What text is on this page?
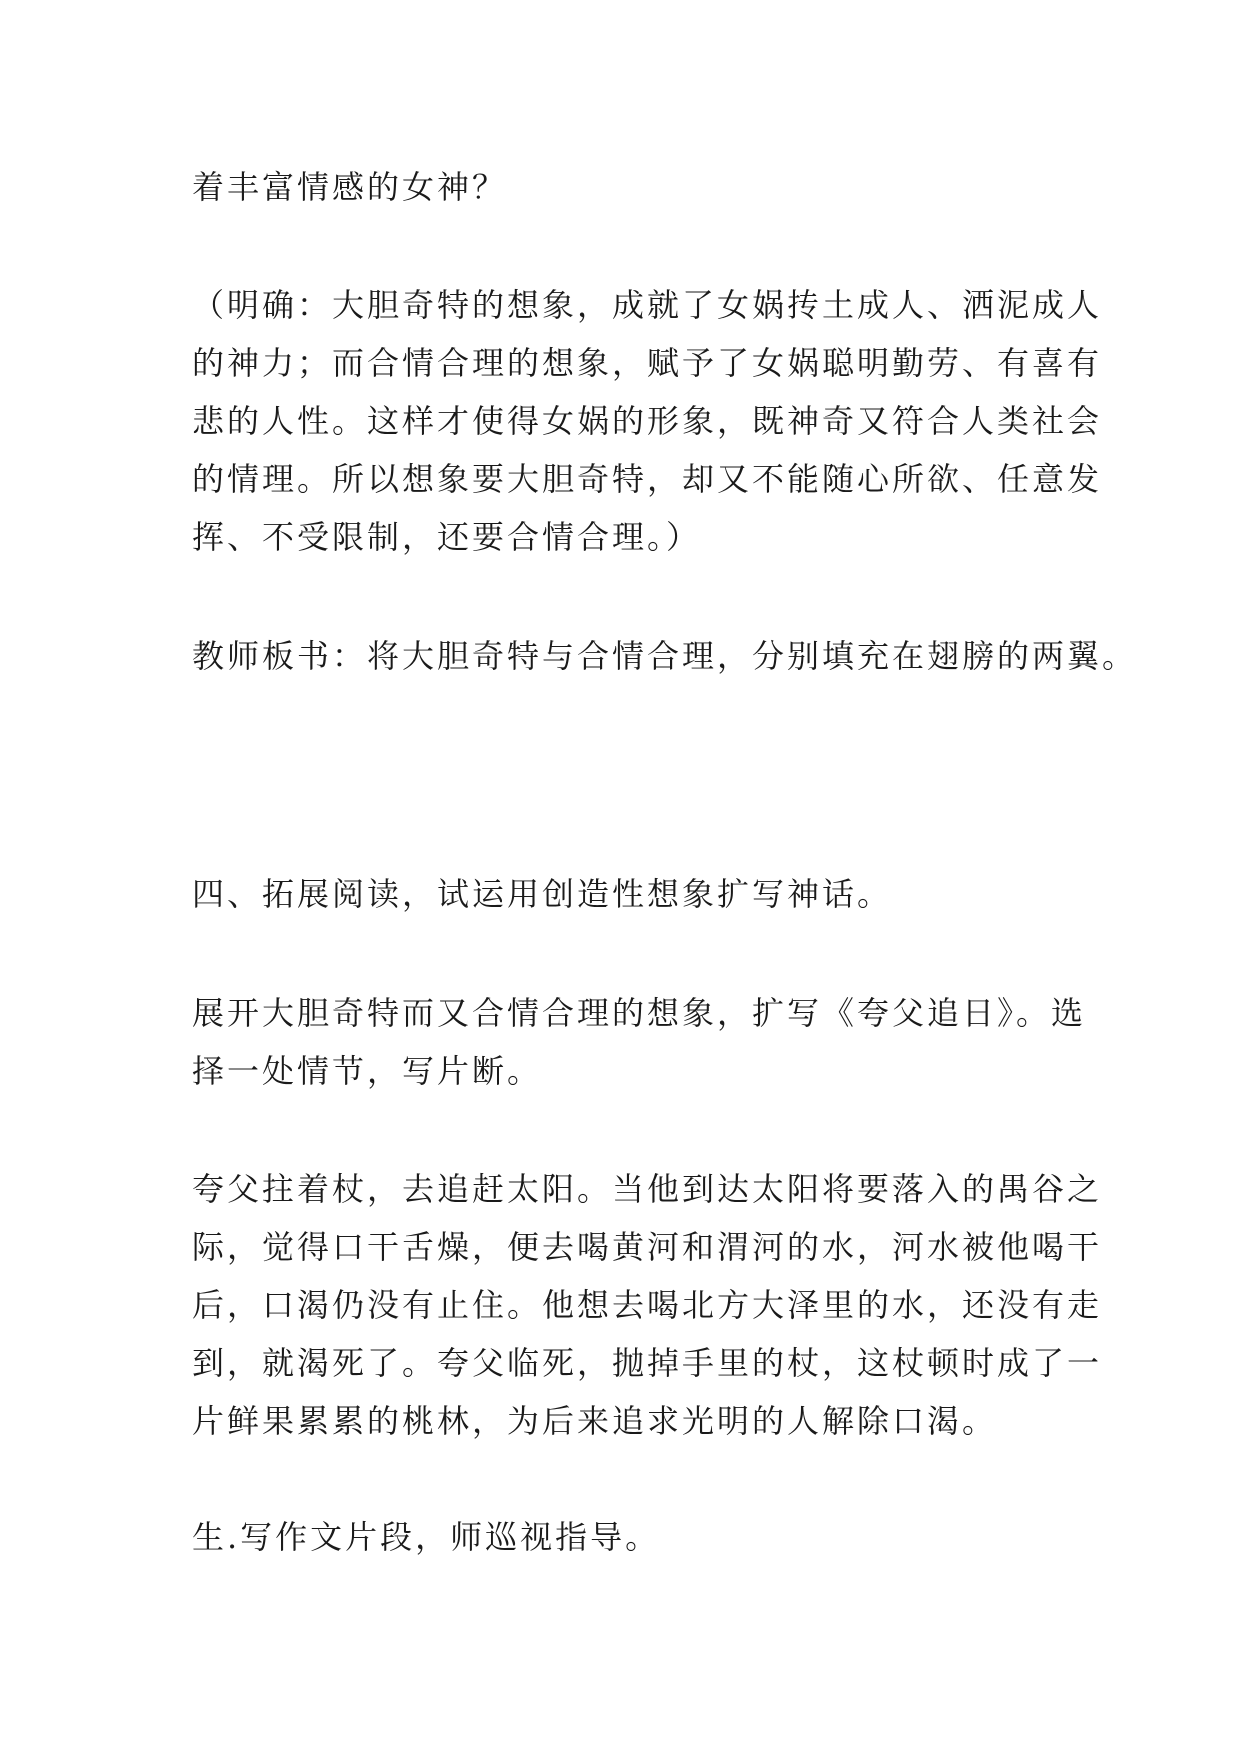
着丰富情感的女神？

（明确：大胆奇特的想象，成就了女娲抟土成人、洒泥成人
的神力；而合情合理的想象，赋予了女娲聪明勤劳、有喜有
悲的人性。这样才使得女娲的形象，既神奇又符合人类社会
的情理。所以想象要大胆奇特，却又不能随心所欲、任意发
挥、不受限制，还要合情合理。）

教师板书：将大胆奇特与合情合理，分别填充在翅膀的两翼。

四、拓展阅读，试运用创造性想象扩写神话。

展开大胆奇特而又合情合理的想象，扩写《夸父追日》。选
择一处情节，写片断。

夸父拄着杖，去追赶太阳。当他到达太阳将要落入的禺谷之
际，觉得口干舌燥，便去喝黄河和渭河的水，河水被他喝干
后，口渴仍没有止住。他想去喝北方大泽里的水，还没有走
到，就渴死了。夸父临死，抛掉手里的杖，这杖顿时成了一
片鲜果累累的桃林，为后来追求光明的人解除口渴。

生.写作文片段，师巡视指导。
